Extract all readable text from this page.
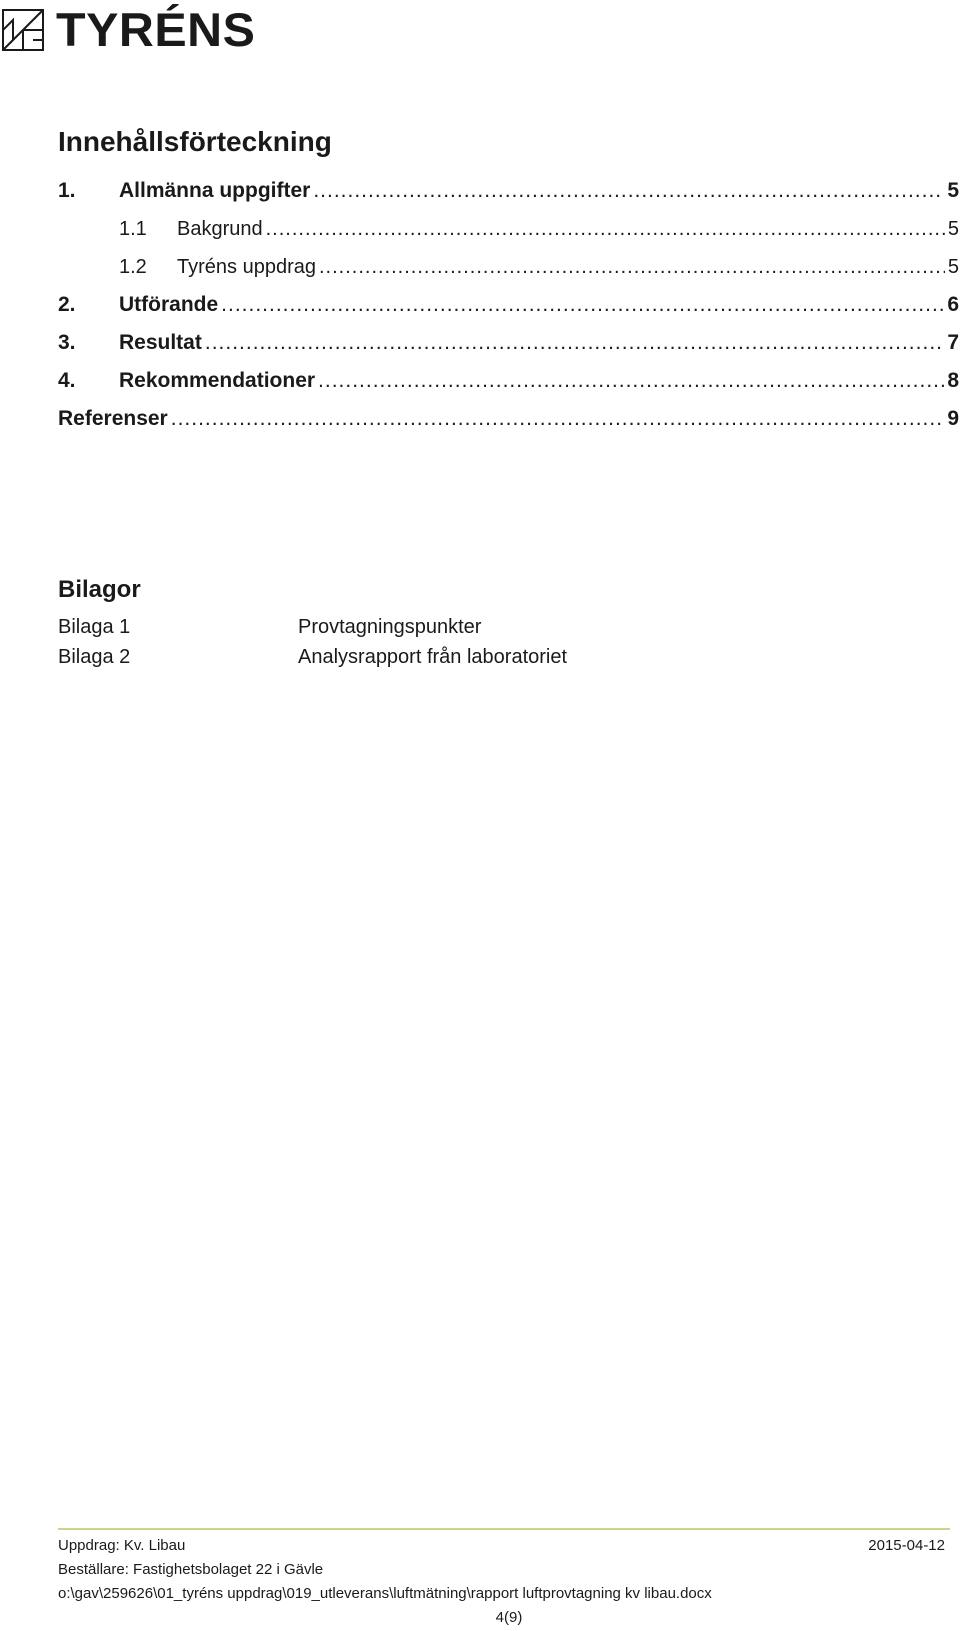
TYRÉNS
Innehållsförteckning
1.	Allmänna uppgifter .....	5
1.1	Bakgrund .....	5
1.2	Tyréns uppdrag .....	5
2.	Utförande .....	6
3.	Resultat .....	7
4.	Rekommendationer .....	8
Referenser .....	9
Bilagor
Bilaga 1	Provtagningspunkter
Bilaga 2	Analysrapport från laboratoriet
Uppdrag: Kv. Libau	2015-04-12
Beställare: Fastighetsbolaget 22 i Gävle
o:\gav\259626\01_tyréns uppdrag\019_utleverans\luftmätning\rapport luftprovtagning kv libau.docx
4(9)
